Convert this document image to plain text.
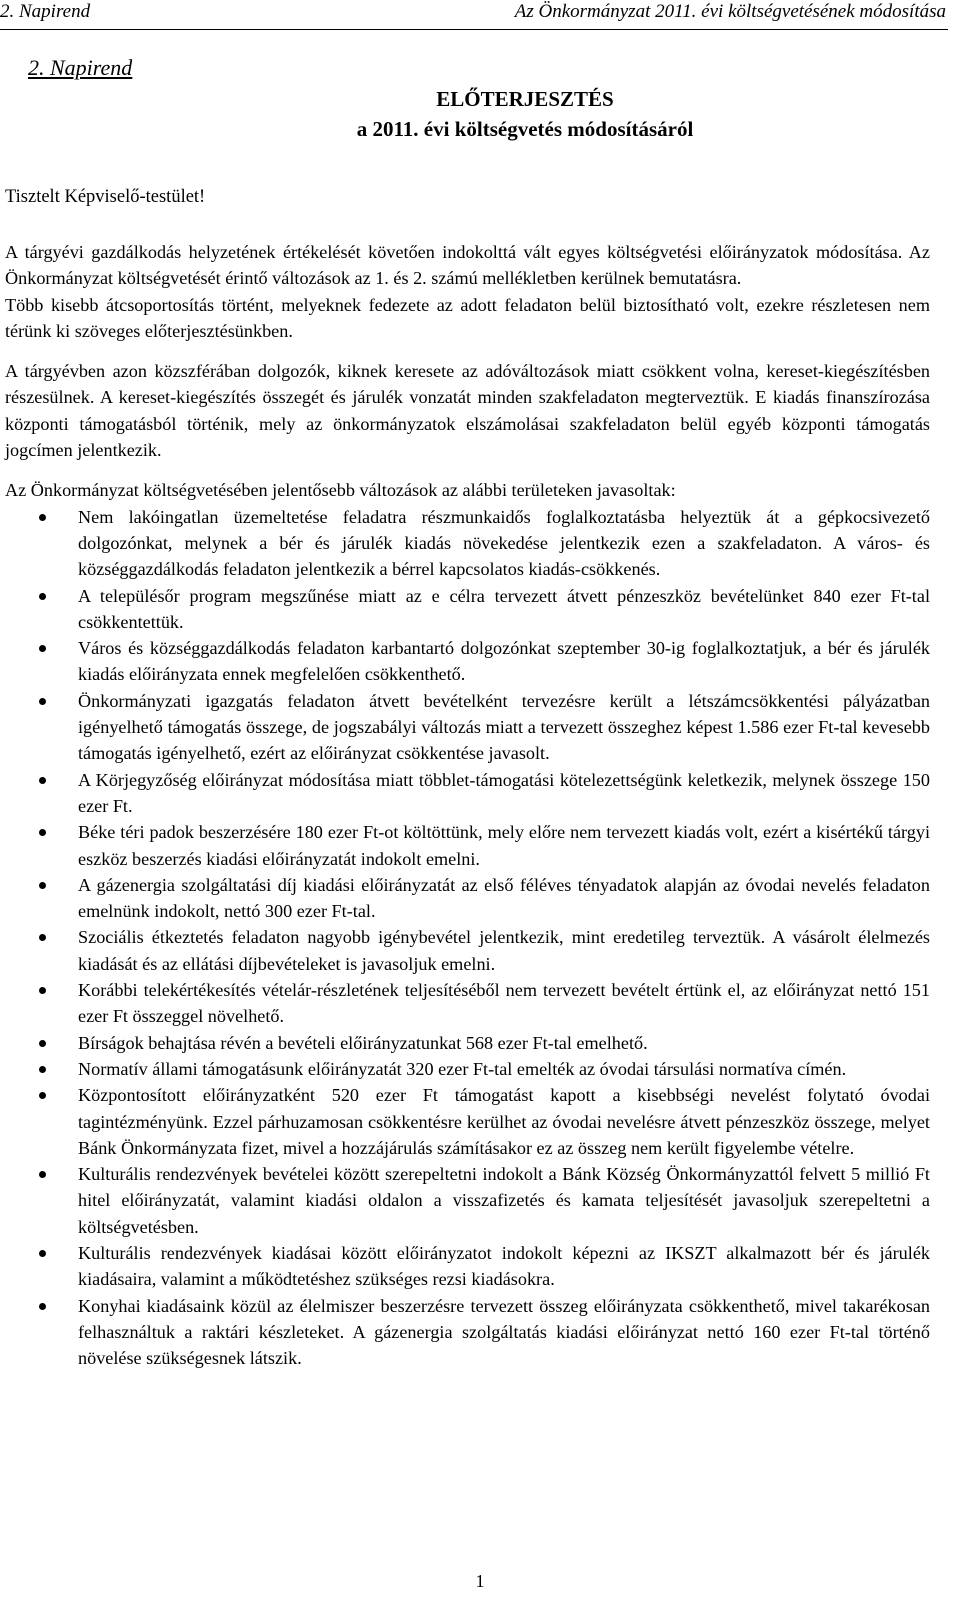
2. Napirend	Az Önkormányzat 2011. évi költségvetésének módosítása
2. Napirend
ELŐTERJESZTÉS
a 2011. évi költségvetés módosításáról
Tisztelt Képviselő-testület!

A tárgyévi gazdálkodás helyzetének értékelését követően indokolttá vált egyes költségvetési előirányzatok módosítása. Az Önkormányzat költségvetését érintő változások az 1. és 2. számú mellékletben kerülnek bemutatásra.

Több kisebb átcsoportosítás történt, melyeknek fedezete az adott feladaton belül biztosítható volt, ezekre részletesen nem térünk ki szöveges előterjesztésünkben.

A tárgyévben azon közszférában dolgozók, kiknek keresete az adóváltozások miatt csökkent volna, kereset-kiegészítésben részesülnek. A kereset-kiegészítés összegét és járulék vonzatát minden szakfeladaton megterveztük. E kiadás finanszírozása központi támogatásból történik, mely az önkormányzatok elszámolásai szakfeladaton belül egyéb központi támogatás jogcímen jelentkezik.

Az Önkormányzat költségvetésében jelentősebb változások az alábbi területeken javasoltak:

Nem lakóingatlan üzemeltetése feladatra részmunkaidős foglalkoztatásba helyeztük át a gépkocsivezető dolgozónkat, melynek a bér és járulék kiadás növekedése jelentkezik ezen a szakfeladaton. A város- és községgazdálkodás feladaton jelentkezik a bérrel kapcsolatos kiadás-csökkenés.
A településőr program megszűnése miatt az e célra tervezett átvett pénzeszköz bevételünket 840 ezer Ft-tal csökkentettük.
Város és községgazdálkodás feladaton karbantartó dolgozónkat szeptember 30-ig foglalkoztatjuk, a bér és járulék kiadás előirányzata ennek megfelelően csökkenthető.
Önkormányzati igazgatás feladaton átvett bevételként tervezésre került a létszámcsökkentési pályázatban igényelhető támogatás összege, de jogszabályi változás miatt a tervezett összeghez képest 1.586 ezer Ft-tal kevesebb támogatás igényelhető, ezért az előirányzat csökkentése javasolt.
A Körjegyzőség előirányzat módosítása miatt többlet-támogatási kötelezettségünk keletkezik, melynek összege 150 ezer Ft.
Béke téri padok beszerzésére 180 ezer Ft-ot költöttünk, mely előre nem tervezett kiadás volt, ezért a kisértékű tárgyi eszköz beszerzés kiadási előirányzatát indokolt emelni.
A gázenergia szolgáltatási díj kiadási előirányzatát az első féléves tényadatok alapján az óvodai nevelés feladaton emelnünk indokolt, nettó 300 ezer Ft-tal.
Szociális étkeztetés feladaton nagyobb igénybevétel jelentkezik, mint eredetileg terveztük. A vásárolt élelmezés kiadását és az ellátási díjbevételeket is javasoljuk emelni.
Korábbi telekértékesítés vételár-részletének teljesítéséből nem tervezett bevételt értünk el, az előirányzat nettó 151 ezer Ft összeggel növelhető.
Bírságok behajtása révén a bevételi előirányzatunkat 568 ezer Ft-tal emelhető.
Normatív állami támogatásunk előirányzatát 320 ezer Ft-tal emelték az óvodai társulási normatíva címén.
Központosított előirányzatként 520 ezer Ft támogatást kapott a kisebbségi nevelést folytató óvodai tagintézményünk. Ezzel párhuzamosan csökkentésre kerülhet az óvodai nevelésre átvett pénzeszköz összege, melyet Bánk Önkormányzata fizet, mivel a hozzájárulás számításakor ez az összeg nem került figyelembe vételre.
Kulturális rendezvények bevételei között szerepeltetni indokolt a Bánk Község Önkormányzattól felvett 5 millió Ft hitel előirányzatát, valamint kiadási oldalon a visszafizetés és kamata teljesítését javasoljuk szerepeltetni a költségvetésben.
Kulturális rendezvények kiadásai között előirányzatot indokolt képezni az IKSZT alkalmazott bér és járulék kiadásaira, valamint a működtetéshez szükséges rezsi kiadásokra.
Konyhai kiadásaink közül az élelmiszer beszerzésre tervezett összeg előirányzata csökkenthető, mivel takarékosan felhasználtuk a raktári készleteket. A gázenergia szolgáltatás kiadási előirányzat nettó 160 ezer Ft-tal történő növelése szükségesnek látszik.
1
